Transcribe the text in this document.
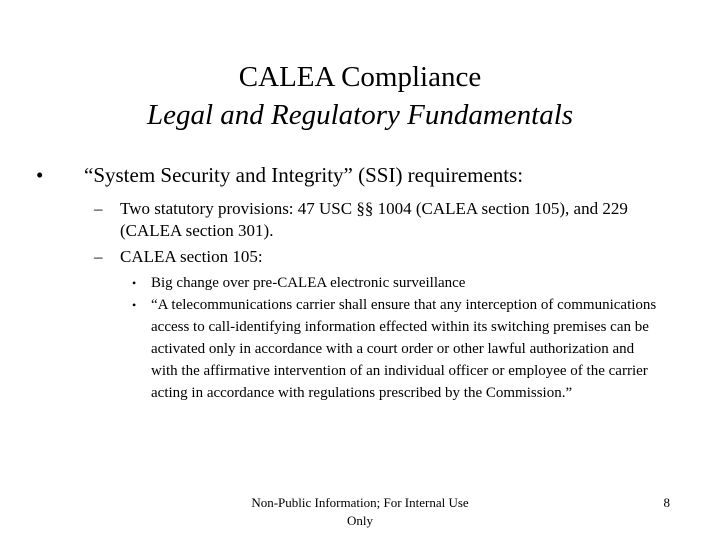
CALEA Compliance
Legal and Regulatory Fundamentals
• “System Security and Integrity” (SSI) requirements:
– Two statutory provisions: 47 USC §§ 1004 (CALEA section 105), and 229 (CALEA section 301).
– CALEA section 105:
• Big change over pre-CALEA electronic surveillance
• “A telecommunications carrier shall ensure that any interception of communications access to call-identifying information effected within its switching premises can be activated only in accordance with a court order or other lawful authorization and with the affirmative intervention of an individual officer or employee of the carrier acting in accordance with regulations prescribed by the Commission.”
Non-Public Information; For Internal Use Only
8
